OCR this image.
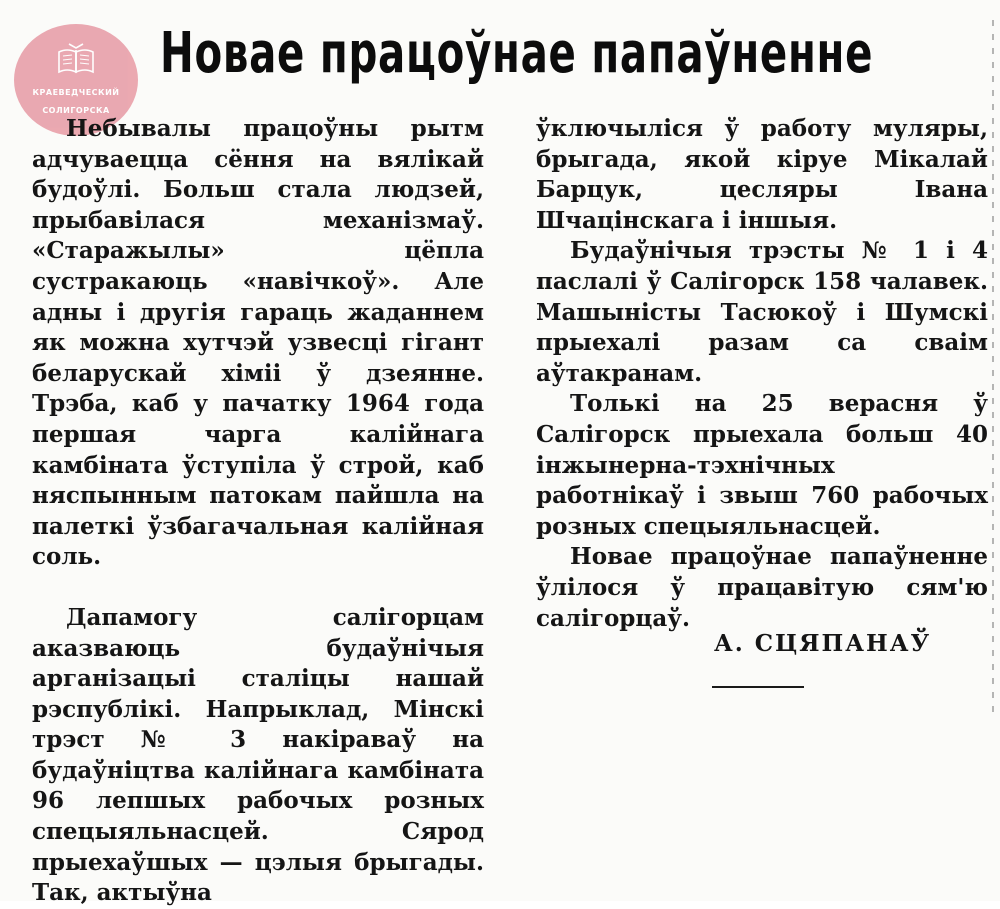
КРАЕВЕДЧЕСКИЙ
СОЛИГОРСКА
Новае працоўнае папаўненне

Небывалы працоўны рытм адчуваецца сёння на вялікай будоўлі. Больш стала людзей, прыбавілася механізмаў. «Старажылы» цёпла сустракаюць «навічкоў». Але адны і другія гараць жаданнем як можна хутчэй узвесці гігант беларускай хіміі ў дзеянне. Трэба, каб у пачатку 1964 года першая чарга калійнага камбіната ўступіла ў строй, каб няспынным патокам пайшла на палеткі ўзбагачальная калійная соль.

Дапамогу салігорцам аказваюць будаўнічыя арганізацыі сталіцы нашай рэспублікі. Напрыклад, Мінскі трэст № 3 накіраваў на будаўніцтва калійнага камбіната 96 лепшых рабочых розных спецыяльнасцей. Сярод прыехаўшых — цэлыя брыгады. Так, актыўна

ўключыліся ў работу муляры, брыгада, якой кіруе Мікалай Барцук, цесляры Івана Шчацінскага і іншыя.

Будаўнічыя трэсты № 1 і 4 паслалі ў Салігорск 158 чалавек. Машыністы Тасюкоў і Шумскі прыехалі разам са сваім аўтакранам.

Толькі на 25 верасня ў Салігорск прыехала больш 40 інжынерна-тэхнічных работнікаў і звыш 760 рабочых розных спецыяльнасцей.

Новае працоўнае папаўненне ўлілося ў працавітую сям'ю салігорцаў.

А. СЦЯПАНАЎ
